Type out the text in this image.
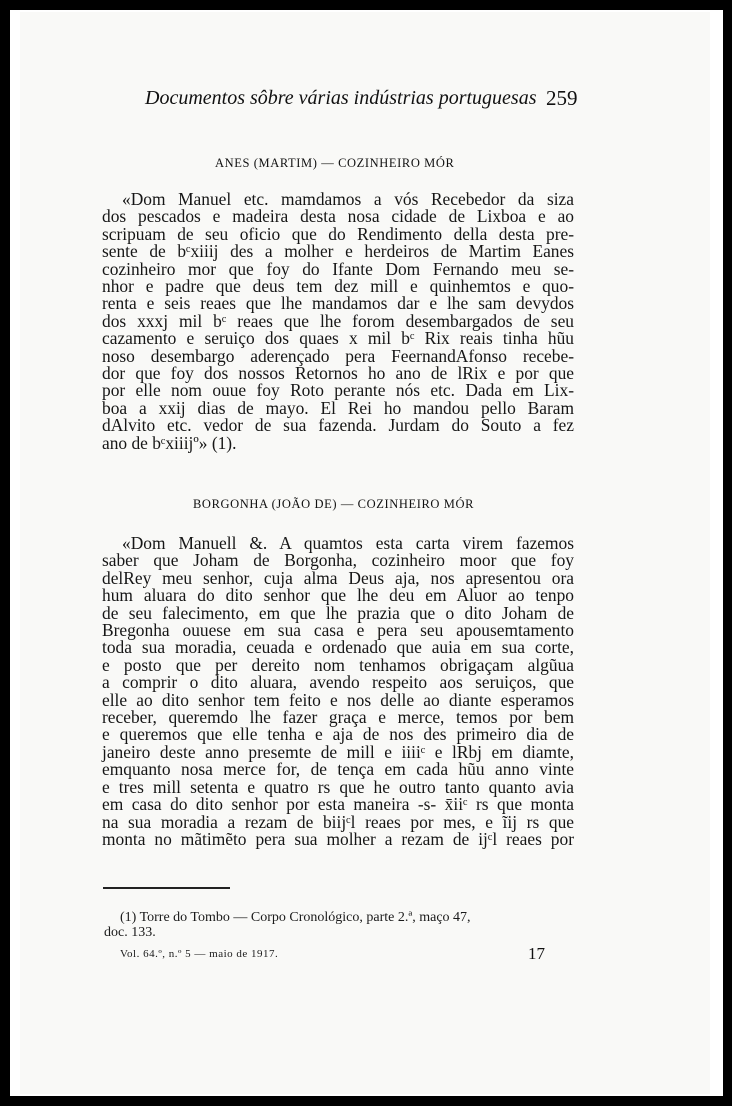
Documentos sôbre várias indústrias portuguesas 259
ANES (MARTIM) — COZINHEIRO MÓR
«Dom Manuel etc. mamdamos a vós Recebedor da siza
dos pescados e madeira desta nosa cidade de Lixboa e ao
scripuam de seu oficio que do Rendimento della desta pre-
sente de bᶜxiiij des a molher e herdeiros de Martim Eanes
cozinheiro mor que foy do Ifante Dom Fernando meu se-
nhor e padre que deus tem dez mill e quinhemtos e quo-
renta e seis reaes que lhe mandamos dar e lhe sam devydos
dos xxxj mil bᶜ reaes que lhe forom desembargados de seu
cazamento e seruiço dos quaes x mil bᶜ Rix reais tinha hũu
noso desembargo aderençado pera FeernandAfonso recebe-
dor que foy dos nossos Retornos ho ano de lRix e por que
por elle nom ouue foy Roto perante nós etc. Dada em Lix-
boa a xxij dias de mayo. El Rei ho mandou pello Baram
dAlvito etc. vedor de sua fazenda. Jurdam do Souto a fez
ano de bᶜxiiijº» (1).
BORGONHA (JOÃO DE) — COZINHEIRO MÓR
«Dom Manuell &. A quamtos esta carta virem fazemos
saber que Joham de Borgonha, cozinheiro moor que foy
delRey meu senhor, cuja alma Deus aja, nos apresentou ora
hum aluara do dito senhor que lhe deu em Aluor ao tenpo
de seu falecimento, em que lhe prazia que o dito Joham de
Bregonha ouuese em sua casa e pera seu apousemtamento
toda sua moradia, ceuada e ordenado que auia em sua corte,
e posto que per dereito nom tenhamos obrigaçam algũua
a comprir o dito aluara, avendo respeito aos seruiços, que
elle ao dito senhor tem feito e nos delle ao diante esperamos
receber, queremdo lhe fazer graça e merce, temos por bem
e queremos que elle tenha e aja de nos des primeiro dia de
janeiro deste anno presemte de mill e iiiiᶜ e lRbj em diamte,
emquanto nosa merce for, de tença em cada hũu anno vinte
e tres mill setenta e quatro rs que he outro tanto quanto avia
em casa do dito senhor por esta maneira -s- x̄iiᶜ rs que monta
na sua moradia a rezam de biijᶜl reaes por mes, e ĩij rs que
monta no mãtimẽto pera sua molher a rezam de ijᶜl reaes por
(1) Torre do Tombo — Corpo Cronológico, parte 2.ª, maço 47,
doc. 133.
Vol. 64.º, n.º 5 — maio de 1917.	17
